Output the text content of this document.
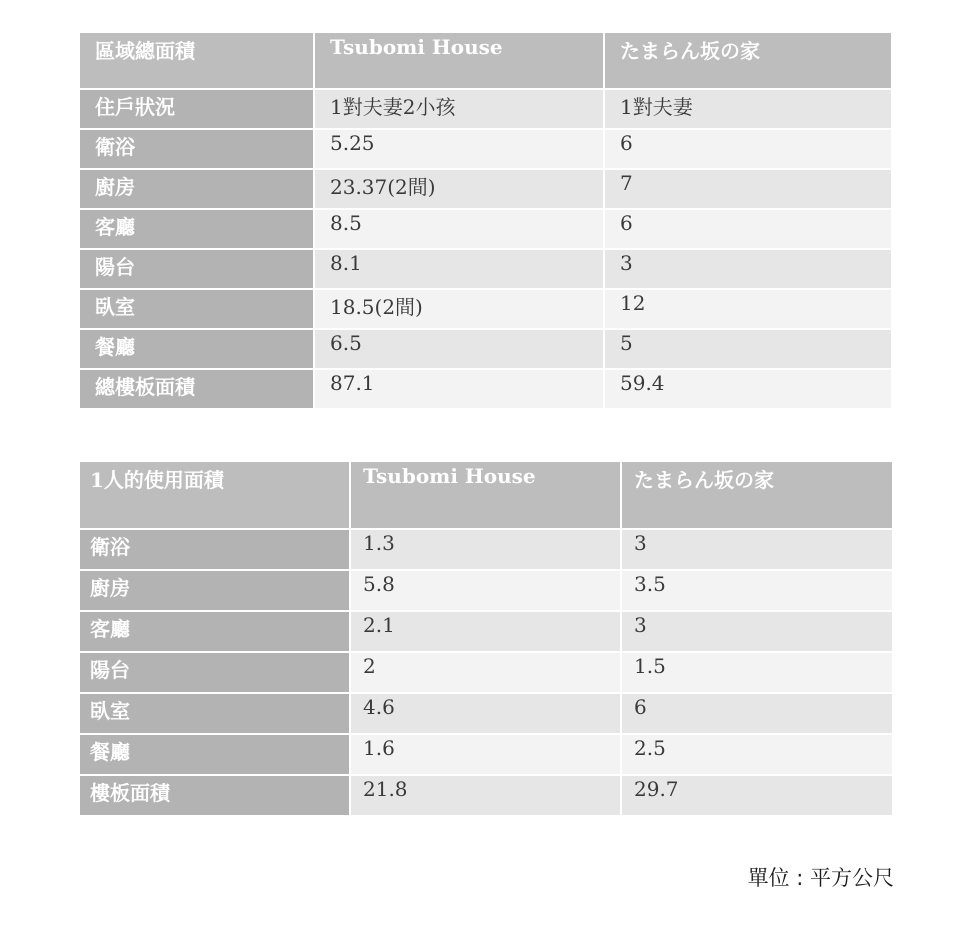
區域總面積	Tsubomi House	たまらん坂の家
住戶狀況	1對夫妻2小孩	1對夫妻
衛浴	5.25	6
廚房	23.37(2間)	7
客廳	8.5	6
陽台	8.1	3
臥室	18.5(2間)	12
餐廳	6.5	5
總樓板面積	87.1	59.4
1人的使用面積	Tsubomi House	たまらん坂の家
衛浴	1.3	3
廚房	5.8	3.5
客廳	2.1	3
陽台	2	1.5
臥室	4.6	6
餐廳	1.6	2.5
樓板面積	21.8	29.7
單位 : 平方公尺
